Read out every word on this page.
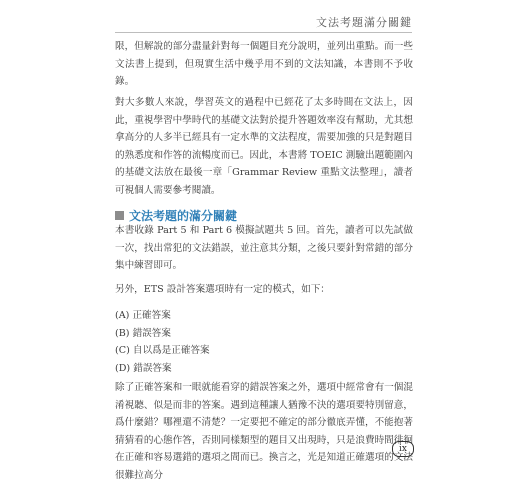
文法考題滿分關鍵

限，但解說的部分盡量針對每一個題目充分說明，並列出重點。而一些文法書上提到，但現實生活中幾乎用不到的文法知識，本書則不予收錄。

對大多數人來說，學習英文的過程中已經花了太多時間在文法上，因此，重視學習中學時代的基礎文法對於提升答題效率沒有幫助，尤其想拿高分的人多半已經具有一定水準的文法程度，需要加強的只是對題目的熟悉度和作答的流暢度而已。因此，本書將 TOEIC 測驗出題範圍內的基礎文法放在最後一章「Grammar Review 重點文法整理」，讀者可視個人需要參考閱讀。

文法考題的滿分關鍵

本書收錄 Part 5 和 Part 6 模擬試題共 5 回。首先，讀者可以先試做一次，找出常犯的文法錯誤，並注意其分類，之後只要針對常錯的部分集中練習即可。

另外，ETS 設計答案選項時有一定的模式，如下：

(A) 正確答案
(B) 錯誤答案
(C) 自以爲是正確答案
(D) 錯誤答案

除了正確答案和一眼就能看穿的錯誤答案之外，選項中經常會有一個混淆視聽、似是而非的答案。遇到這種讓人猶豫不決的選項要特別留意，爲什麼錯？哪裡還不清楚？一定要把不確定的部分徹底弄懂，不能抱著猜猜看的心態作答，否則同樣類型的題目又出現時，只是浪費時間徘徊在正確和容易選錯的選項之間而已。換言之，光是知道正確選項的文法很難拉高分

ix
